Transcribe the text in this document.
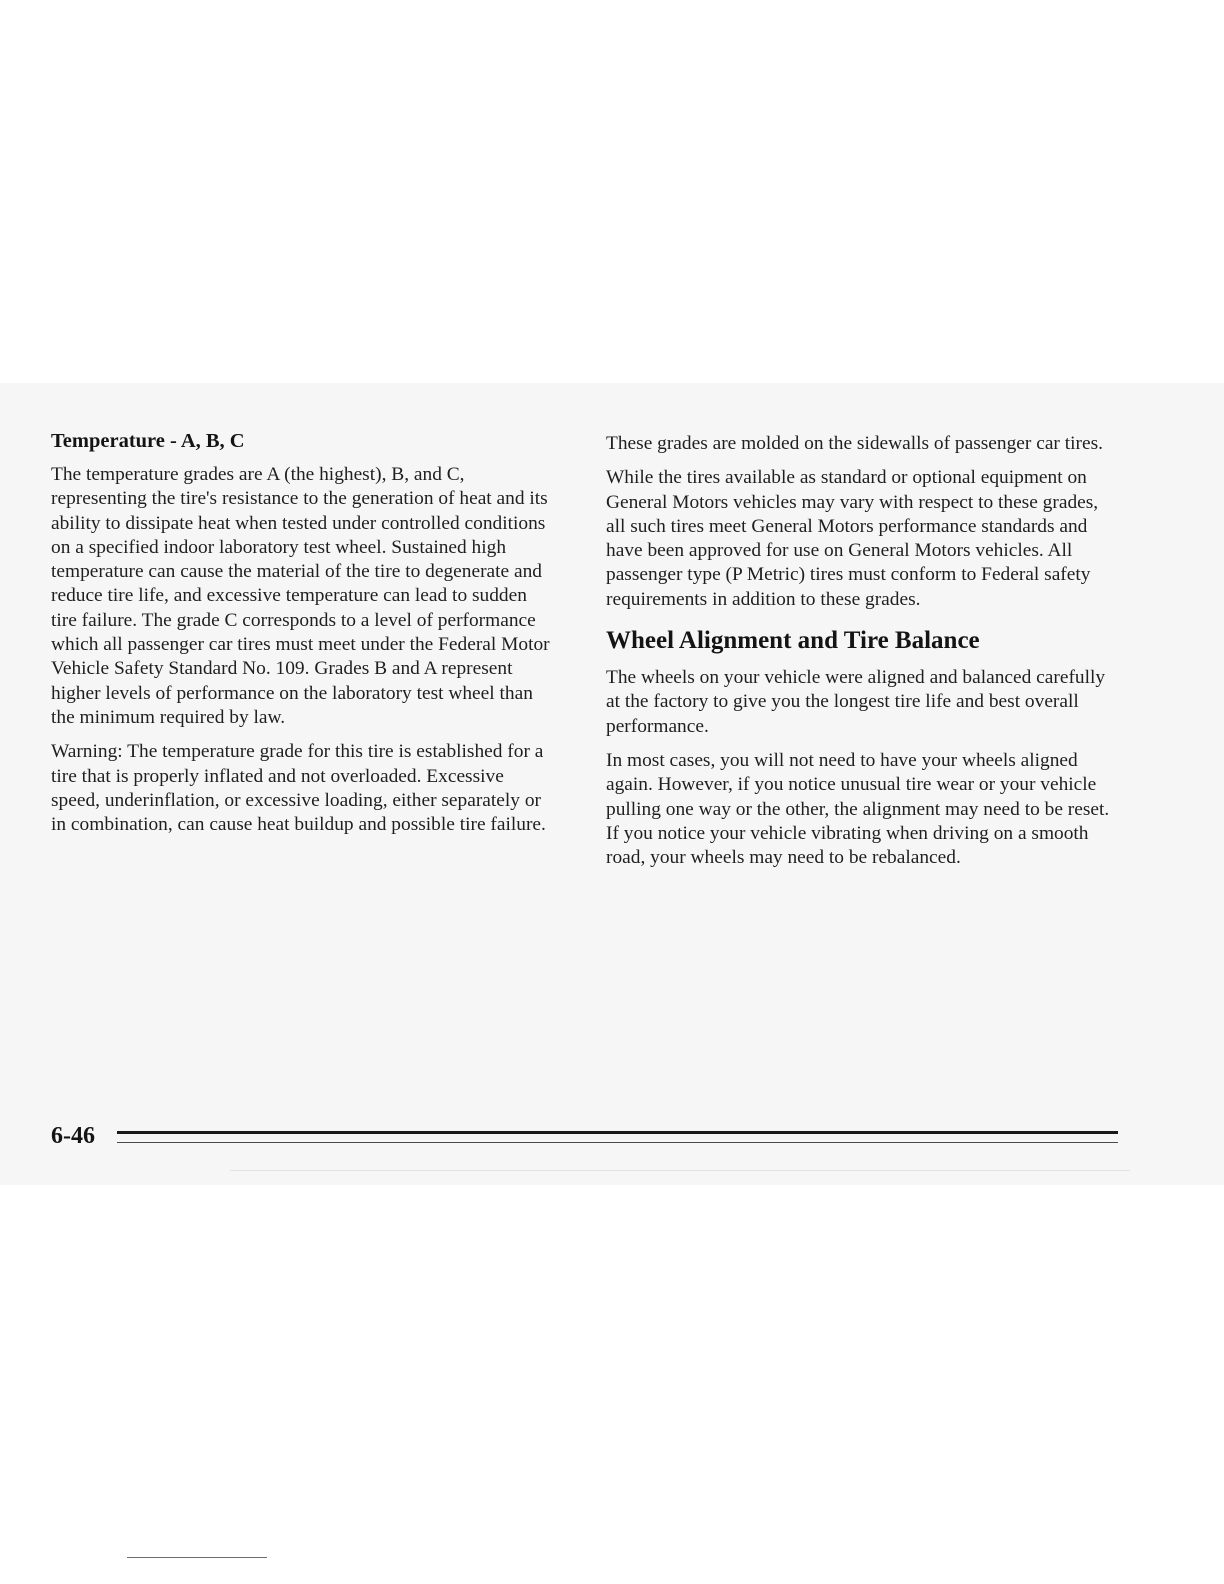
Temperature - A, B, C

The temperature grades are A (the highest), B, and C, representing the tire's resistance to the generation of heat and its ability to dissipate heat when tested under controlled conditions on a specified indoor laboratory test wheel. Sustained high temperature can cause the material of the tire to degenerate and reduce tire life, and excessive temperature can lead to sudden tire failure. The grade C corresponds to a level of performance which all passenger car tires must meet under the Federal Motor Vehicle Safety Standard No. 109. Grades B and A represent higher levels of performance on the laboratory test wheel than the minimum required by law.

Warning: The temperature grade for this tire is established for a tire that is properly inflated and not overloaded. Excessive speed, underinflation, or excessive loading, either separately or in combination, can cause heat buildup and possible tire failure.

These grades are molded on the sidewalls of passenger car tires.

While the tires available as standard or optional equipment on General Motors vehicles may vary with respect to these grades, all such tires meet General Motors performance standards and have been approved for use on General Motors vehicles. All passenger type (P Metric) tires must conform to Federal safety requirements in addition to these grades.

Wheel Alignment and Tire Balance

The wheels on your vehicle were aligned and balanced carefully at the factory to give you the longest tire life and best overall performance.

In most cases, you will not need to have your wheels aligned again. However, if you notice unusual tire wear or your vehicle pulling one way or the other, the alignment may need to be reset. If you notice your vehicle vibrating when driving on a smooth road, your wheels may need to be rebalanced.

6-46
